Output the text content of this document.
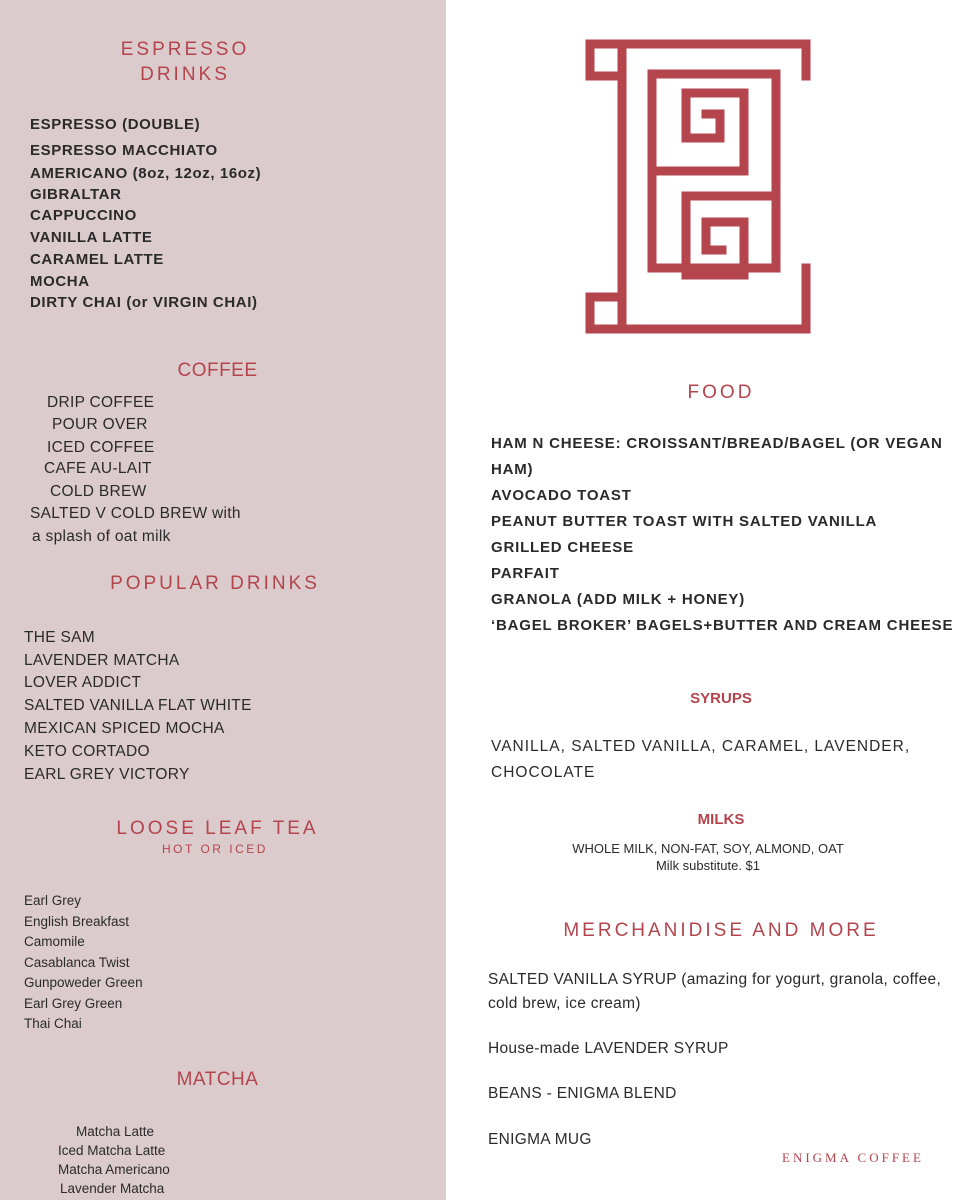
ESPRESSO
DRINKS
ESPRESSO (DOUBLE)
ESPRESSO MACCHIATO
AMERICANO (8oz, 12oz, 16oz)
GIBRALTAR
CAPPUCCINO
VANILLA LATTE
CARAMEL LATTE
MOCHA
DIRTY CHAI (or VIRGIN CHAI)
COFFEE
DRIP COFFEE
POUR OVER
ICED COFFEE
CAFE AU-LAIT
COLD BREW
SALTED V COLD BREW with
a splash of oat milk
POPULAR DRINKS
THE SAM
LAVENDER MATCHA
LOVER ADDICT
SALTED VANILLA FLAT WHITE
MEXICAN SPICED MOCHA
KETO CORTADO
EARL GREY VICTORY
LOOSE LEAF TEA
HOT OR ICED
Earl Grey
English Breakfast
Camomile
Casablanca Twist
Gunpoweder Green
Earl Grey Green
Thai Chai
MATCHA
Matcha Latte
Iced Matcha Latte
Matcha Americano
Lavender Matcha
FOOD
HAM N CHEESE: CROISSANT/BREAD/BAGEL (OR VEGAN
HAM)
AVOCADO TOAST
PEANUT BUTTER TOAST WITH SALTED VANILLA
GRILLED CHEESE
PARFAIT
GRANOLA (ADD MILK + HONEY)
‘BAGEL BROKER’ BAGELS+BUTTER AND CREAM CHEESE
SYRUPS
VANILLA, SALTED VANILLA, CARAMEL, LAVENDER,
CHOCOLATE
MILKS
WHOLE MILK, NON-FAT, SOY, ALMOND, OAT
Milk substitute. $1
MERCHANIDISE AND MORE
SALTED VANILLA SYRUP (amazing for yogurt, granola, coffee,
cold brew, ice cream)
House-made LAVENDER SYRUP
BEANS - ENIGMA BLEND
ENIGMA MUG
ENIGMA COFFEE
